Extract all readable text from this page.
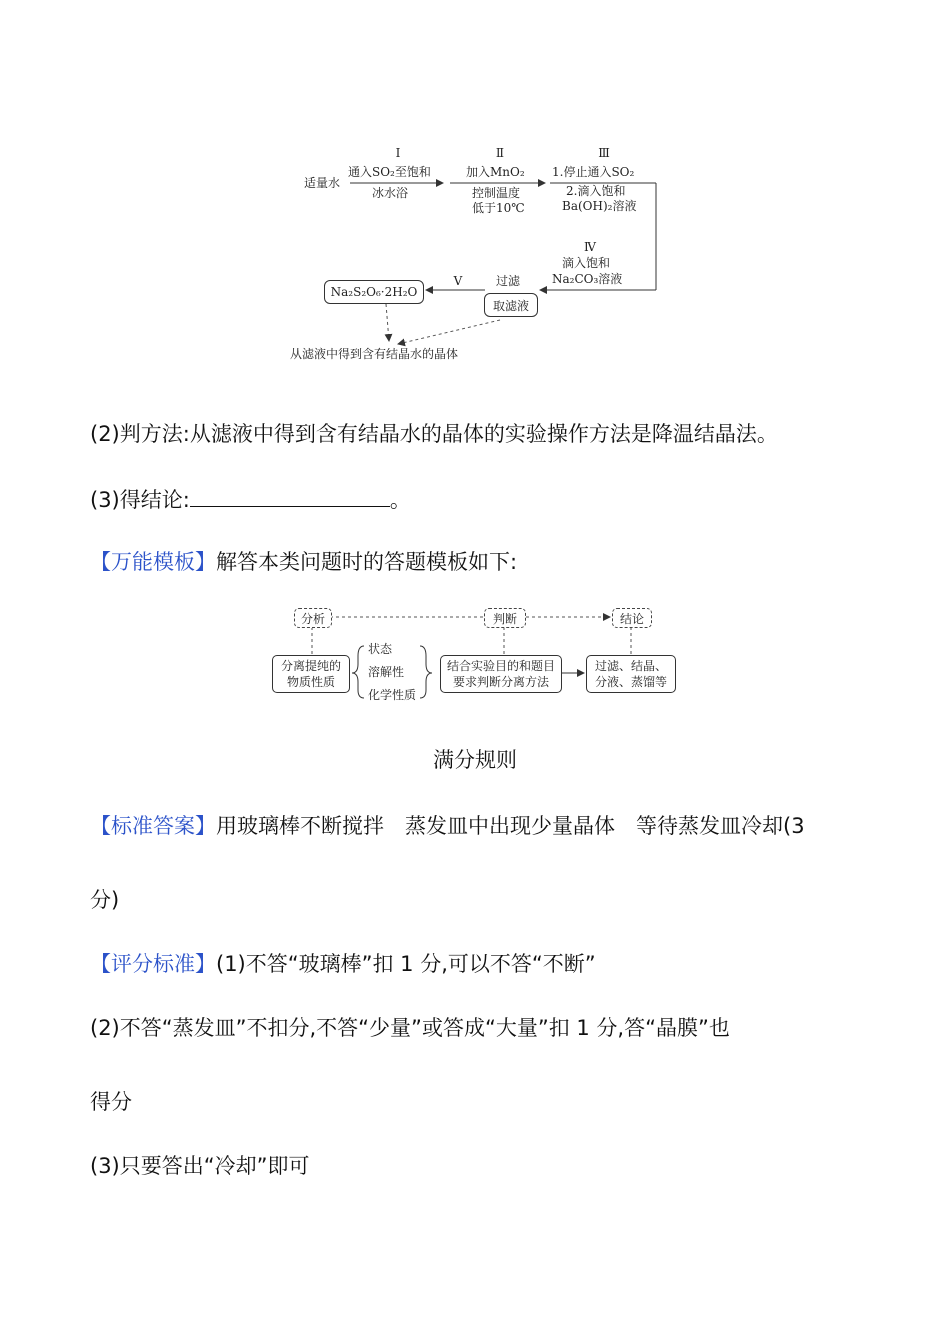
适量水
Ⅰ
通入SO₂至饱和
冰水浴
Ⅱ
加入MnO₂
控制温度
低于10℃
Ⅲ
1.停止通入SO₂
2.滴入饱和
Ba(OH)₂溶液
Ⅳ
滴入饱和
Na₂CO₃溶液
过滤
取滤液
Ⅴ
Na₂S₂O₆·2H₂O
从滤液中得到含有结晶水的晶体
(2)判方法:从滤液中得到含有结晶水的晶体的实验操作方法是降温结晶法。
(3)得结论:	。
【万能模板】解答本类问题时的答题模板如下:
分析	判断	结论
分离提纯的
物质性质
状态
溶解性
化学性质
结合实验目的和题目
要求判断分离方法
过滤、结晶、
分液、蒸馏等
满分规则
【标准答案】用玻璃棒不断搅拌　蒸发皿中出现少量晶体　等待蒸发皿冷却(3
分)
【评分标准】(1)不答“玻璃棒”扣 1 分,可以不答“不断”
(2)不答“蒸发皿”不扣分,不答“少量”或答成“大量”扣 1 分,答“晶膜”也
得分
(3)只要答出“冷却”即可
